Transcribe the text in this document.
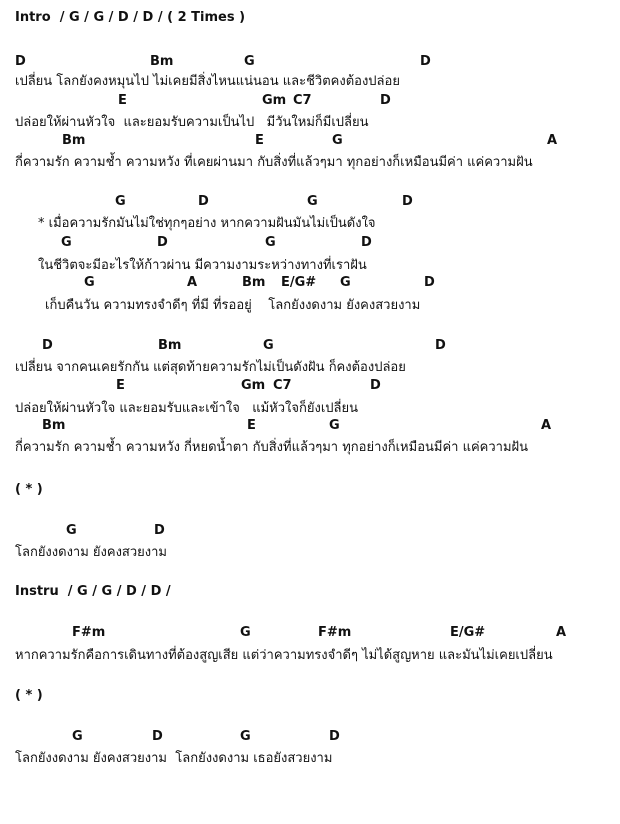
Intro  / G / G / D / D / ( 2 Times )

D

	Bm

	G

	D

เปลี่ยน โลกยังคงหมุนไป ไม่เคยมีสิ่งไหนแน่นอน และชีวิตคงต้องปล่อย

E

	Gm

C7

	D

ปล่อยให้ผ่านหัวใจ  และยอมรับความเป็นไป   มีวันใหม่ก็มีเปลี่ยน

Bm

	E

	G

	A

กี่ความรัก ความช้ำ ความหวัง ที่เคยผ่านมา กับสิ่งที่แล้วๆมา ทุกอย่างก็เหมือนมีค่า แค่ความฝัน

G

	D

	G

	D

* เมื่อความรักมันไม่ใช่ทุกๆอย่าง หากความฝันมันไม่เป็นดังใจ

G

	D

	G

	D

ในชีวิตจะมีอะไรให้ก้าวผ่าน มีความงามระหว่างทางที่เราฝัน

G

	A

	Bm

E/G#

G

	D

เก็บคืนวัน ความทรงจำดีๆ ที่มี ที่รออยู่    โลกยังงดงาม ยังคงสวยงาม

D

	Bm

	G

	D

เปลี่ยน จากคนเคยรักกัน แต่สุดท้ายความรักไม่เป็นดังฝัน ก็คงต้องปล่อย

E

	Gm

C7

	D

ปล่อยให้ผ่านหัวใจ และยอมรับและเข้าใจ   แม้หัวใจก็ยังเปลี่ยน

Bm

	E

	G

	A

กี่ความรัก ความช้ำ ความหวัง กี่หยดน้ำตา กับสิ่งที่แล้วๆมา ทุกอย่างก็เหมือนมีค่า แค่ความฝัน
( * )

G

	D

โลกยังงดงาม ยังคงสวยงาม
Instru  / G / G / D / D /

F#m

	G

	F#m

	E/G#

	A

หากความรักคือการเดินทางที่ต้องสูญเสีย แต่ว่าความทรงจำดีๆ ไม่ได้สูญหาย และมันไม่เคยเปลี่ยน
( * )

G

	D

	G

	D

โลกยังงดงาม ยังคงสวยงาม  โลกยังงดงาม เธอยังสวยงาม
